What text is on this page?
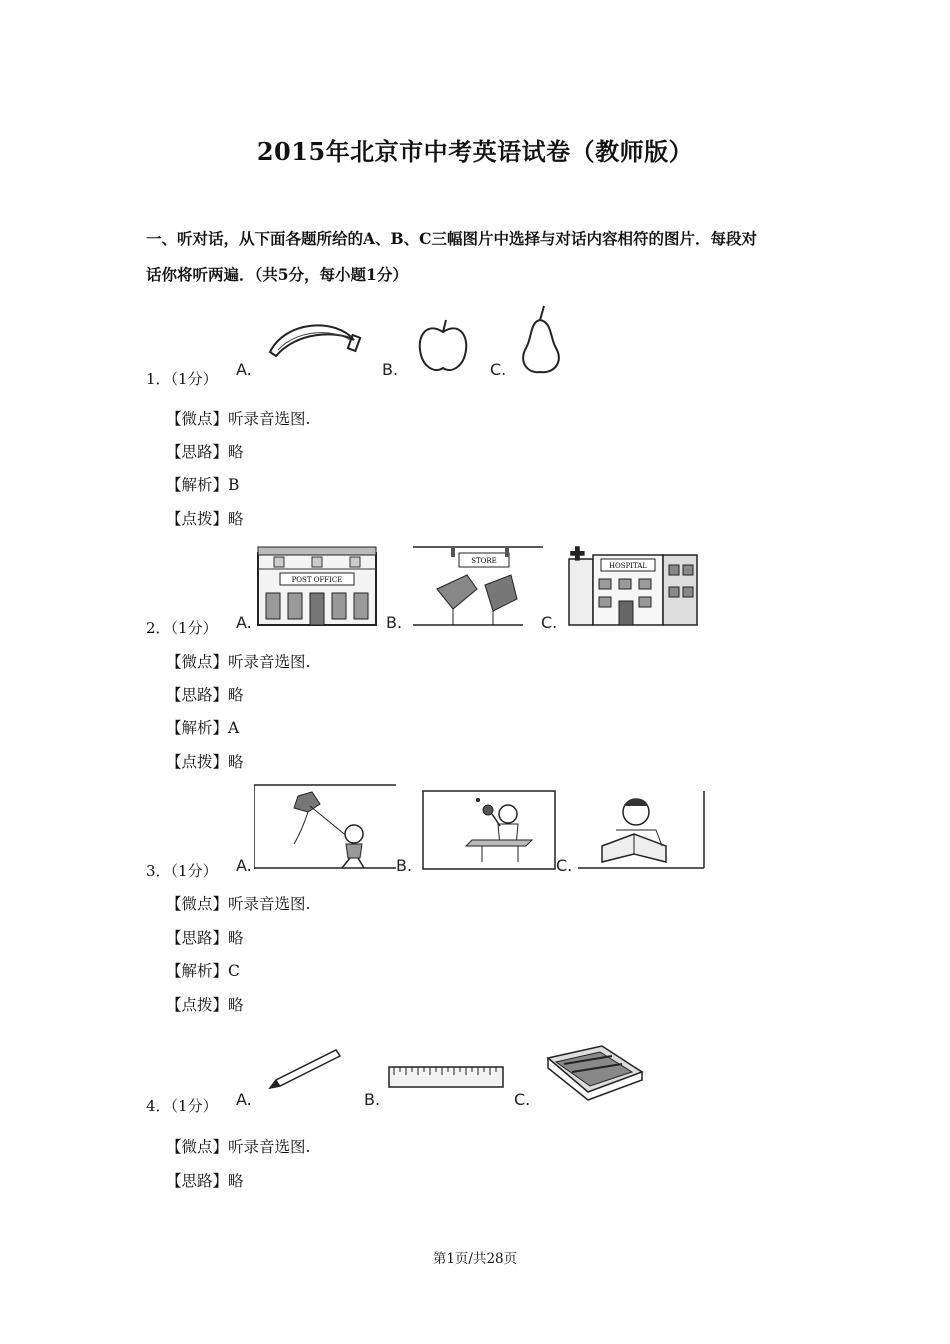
2015年北京市中考英语试卷（教师版）
一、听对话，从下面各题所给的A、B、C三幅图片中选择与对话内容相符的图片．每段对
话你将听两遍．（共5分，每小题1分）
1．（1分） A.	B.	C.
【微点】听录音选图.
【思路】略
【解析】B
【点拨】略
2．（1分） A.	B.	C.
POST OFFICE
STORE
HOSPITAL
【微点】听录音选图.
【思路】略
【解析】A
【点拨】略
3．（1分） A.	B.	C.
【微点】听录音选图.
【思路】略
【解析】C
【点拨】略
4．（1分） A.	B.	C.
【微点】听录音选图.
【思路】略
第1页/共28页
